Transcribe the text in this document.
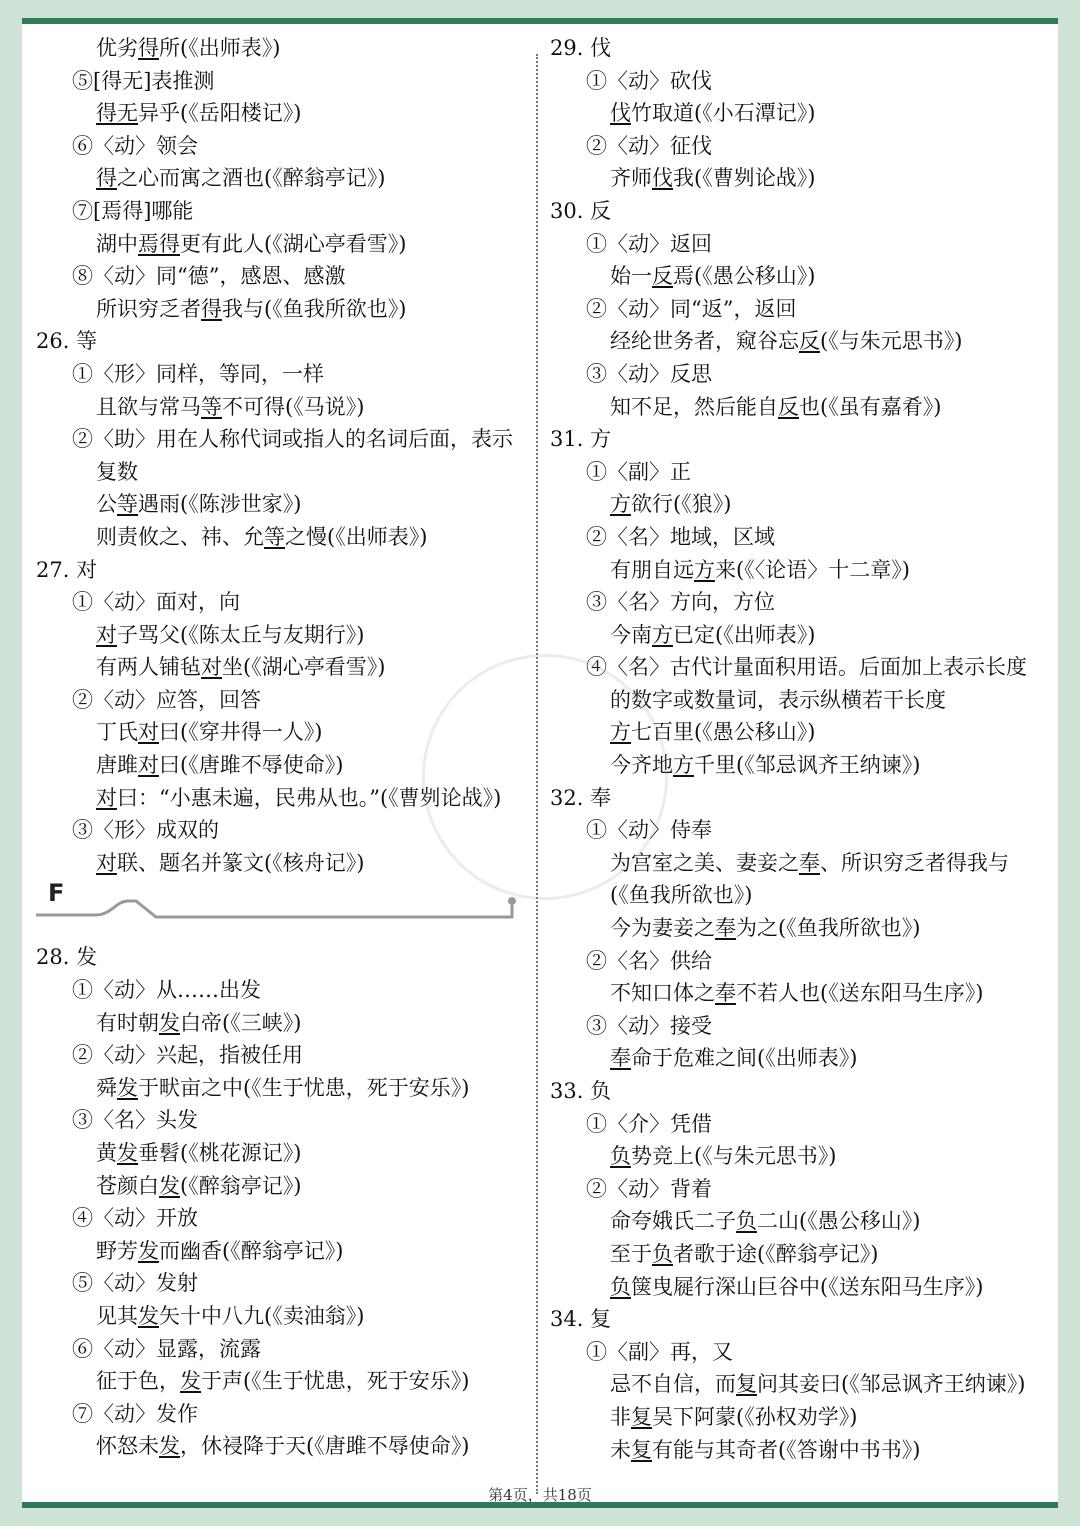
优劣得所(《出师表》)
⑤[得无]表推测
得无异乎(《岳阳楼记》)
⑥〈动〉领会
得之心而寓之酒也(《醉翁亭记》)
⑦[焉得]哪能
湖中焉得更有此人(《湖心亭看雪》)
⑧〈动〉同“德”，感恩、感激
所识穷乏者得我与(《鱼我所欲也》)
26. 等
①〈形〉同样，等同，一样
且欲与常马等不可得(《马说》)
②〈助〉用在人称代词或指人的名词后面，表示
复数
公等遇雨(《陈涉世家》)
则责攸之、祎、允等之慢(《出师表》)
27. 对
①〈动〉面对，向
对子骂父(《陈太丘与友期行》)
有两人铺毡对坐(《湖心亭看雪》)
②〈动〉应答，回答
丁氏对曰(《穿井得一人》)
唐雎对曰(《唐雎不辱使命》)
对曰：“小惠未遍，民弗从也。”(《曹刿论战》)
③〈形〉成双的
对联、题名并篆文(《核舟记》)
F
28. 发
①〈动〉从……出发
有时朝发白帝(《三峡》)
②〈动〉兴起，指被任用
舜发于畎亩之中(《生于忧患，死于安乐》)
③〈名〉头发
黄发垂髫(《桃花源记》)
苍颜白发(《醉翁亭记》)
④〈动〉开放
野芳发而幽香(《醉翁亭记》)
⑤〈动〉发射
见其发矢十中八九(《卖油翁》)
⑥〈动〉显露，流露
征于色，发于声(《生于忧患，死于安乐》)
⑦〈动〉发作
怀怒未发，休祲降于天(《唐雎不辱使命》)
29. 伐
①〈动〉砍伐
伐竹取道(《小石潭记》)
②〈动〉征伐
齐师伐我(《曹刿论战》)
30. 反
①〈动〉返回
始一反焉(《愚公移山》)
②〈动〉同“返”，返回
经纶世务者，窥谷忘反(《与朱元思书》)
③〈动〉反思
知不足，然后能自反也(《虽有嘉肴》)
31. 方
①〈副〉正
方欲行(《狼》)
②〈名〉地域，区域
有朋自远方来(《〈论语〉十二章》)
③〈名〉方向，方位
今南方已定(《出师表》)
④〈名〉古代计量面积用语。后面加上表示长度
的数字或数量词，表示纵横若干长度
方七百里(《愚公移山》)
今齐地方千里(《邹忌讽齐王纳谏》)
32. 奉
①〈动〉侍奉
为宫室之美、妻妾之奉、所识穷乏者得我与
(《鱼我所欲也》)
今为妻妾之奉为之(《鱼我所欲也》)
②〈名〉供给
不知口体之奉不若人也(《送东阳马生序》)
③〈动〉接受
奉命于危难之间(《出师表》)
33. 负
①〈介〉凭借
负势竞上(《与朱元思书》)
②〈动〉背着
命夸娥氏二子负二山(《愚公移山》)
至于负者歌于途(《醉翁亭记》)
负箧曳屣行深山巨谷中(《送东阳马生序》)
34. 复
①〈副〉再，又
忌不自信，而复问其妾曰(《邹忌讽齐王纳谏》)
非复吴下阿蒙(《孙权劝学》)
未复有能与其奇者(《答谢中书书》)
第4页，共18页
